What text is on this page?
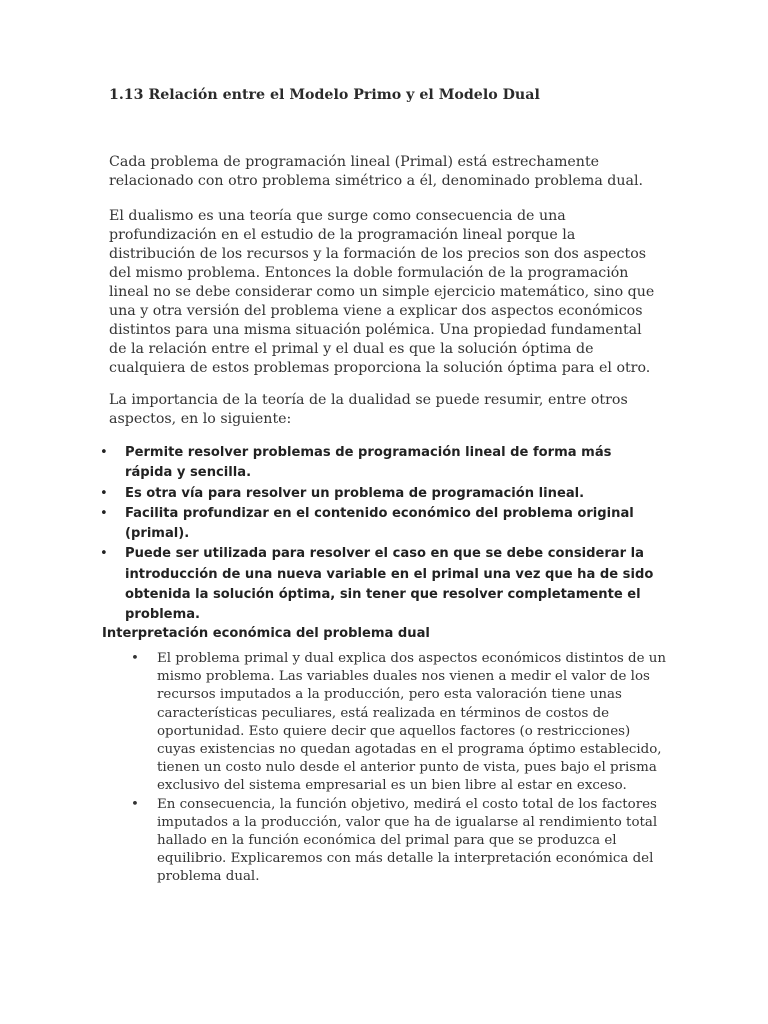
1.13 Relación entre el Modelo Primo y el Modelo Dual

Cada problema de programación lineal (Primal) está estrechamente relacionado con otro problema simétrico a él, denominado problema dual.

El dualismo es una teoría que surge como consecuencia de una profundización en el estudio de la programación lineal porque la distribución de los recursos y la formación de los precios son dos aspectos del mismo problema. Entonces la doble formulación de la programación lineal no se debe considerar como un simple ejercicio matemático, sino que una y otra versión del problema viene a explicar dos aspectos económicos distintos para una misma situación polémica. Una propiedad fundamental de la relación entre el primal y el dual es que la solución óptima de cualquiera de estos problemas proporciona la solución óptima para el otro.

La importancia de la teoría de la dualidad se puede resumir, entre otros aspectos, en lo siguiente:

• Permite resolver problemas de programación lineal de forma más rápida y sencilla.
• Es otra vía para resolver un problema de programación lineal.
• Facilita profundizar en el contenido económico del problema original (primal).
• Puede ser utilizada para resolver el caso en que se debe considerar la introducción de una nueva variable en el primal una vez que ha de sido obtenida la solución óptima, sin tener que resolver completamente el problema.
Interpretación económica del problema dual
• El problema primal y dual explica dos aspectos económicos distintos de un mismo problema. Las variables duales nos vienen a medir el valor de los recursos imputados a la producción, pero esta valoración tiene unas características peculiares, está realizada en términos de costos de oportunidad. Esto quiere decir que aquellos factores (o restricciones) cuyas existencias no quedan agotadas en el programa óptimo establecido, tienen un costo nulo desde el anterior punto de vista, pues bajo el prisma exclusivo del sistema empresarial es un bien libre al estar en exceso.
• En consecuencia, la función objetivo, medirá el costo total de los factores imputados a la producción, valor que ha de igualarse al rendimiento total hallado en la función económica del primal para que se produzca el equilibrio. Explicaremos con más detalle la interpretación económica del problema dual.
